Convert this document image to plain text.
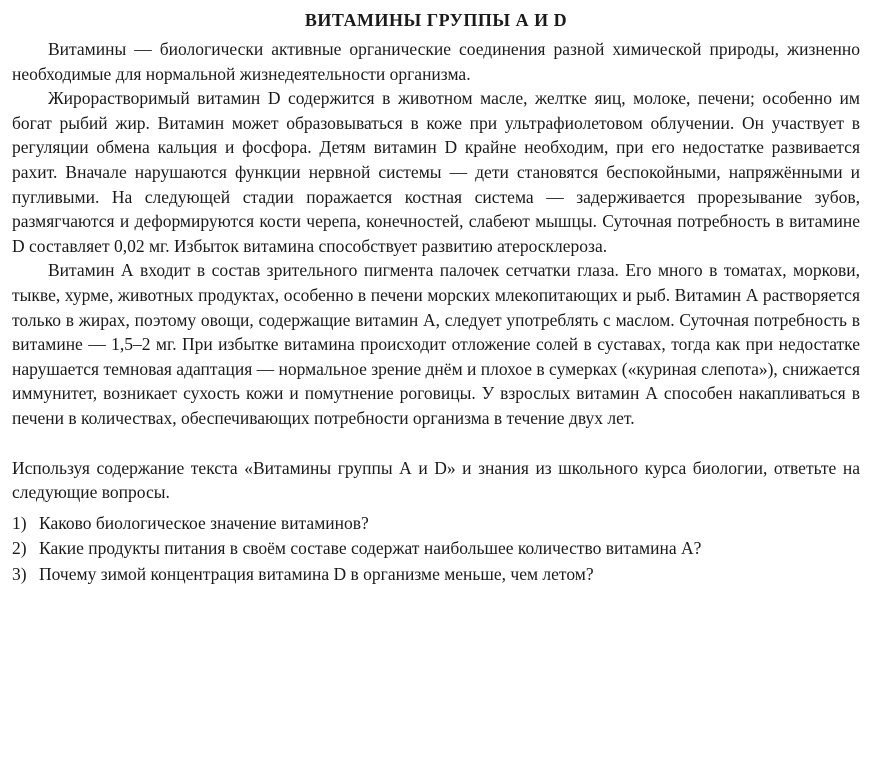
ВИТАМИНЫ ГРУППЫ А И D

Витамины — биологически активные органические соединения разной химической природы, жизненно необходимые для нормальной жизнедеятельности организма.

Жирорастворимый витамин D содержится в животном масле, желтке яиц, молоке, печени; особенно им богат рыбий жир. Витамин может образовываться в коже при ультрафиолетовом облучении. Он участвует в регуляции обмена кальция и фосфора. Детям витамин D крайне необходим, при его недостатке развивается рахит. Вначале нарушаются функции нервной системы — дети становятся беспокойными, напряжёнными и пугливыми. На следующей стадии поражается костная система — задерживается прорезывание зубов, размягчаются и деформируются кости черепа, конечностей, слабеют мышцы. Суточная потребность в витамине D составляет 0,02 мг. Избыток витамина способствует развитию атеросклероза.

Витамин А входит в состав зрительного пигмента палочек сетчатки глаза. Его много в томатах, моркови, тыкве, хурме, животных продуктах, особенно в печени морских млекопитающих и рыб. Витамин А растворяется только в жирах, поэтому овощи, содержащие витамин А, следует употреблять с маслом. Суточная потребность в витамине — 1,5–2 мг. При избытке витамина происходит отложение солей в суставах, тогда как при недостатке нарушается темновая адаптация — нормальное зрение днём и плохое в сумерках («куриная слепота»), снижается иммунитет, возникает сухость кожи и помутнение роговицы. У взрослых витамин А способен накапливаться в печени в количествах, обеспечивающих потребности организма в течение двух лет.

Используя содержание текста «Витамины группы А и D» и знания из школьного курса биологии, ответьте на следующие вопросы.

1) Каково биологическое значение витаминов?
2) Какие продукты питания в своём составе содержат наибольшее количество витамина А?
3) Почему зимой концентрация витамина D в организме меньше, чем летом?
